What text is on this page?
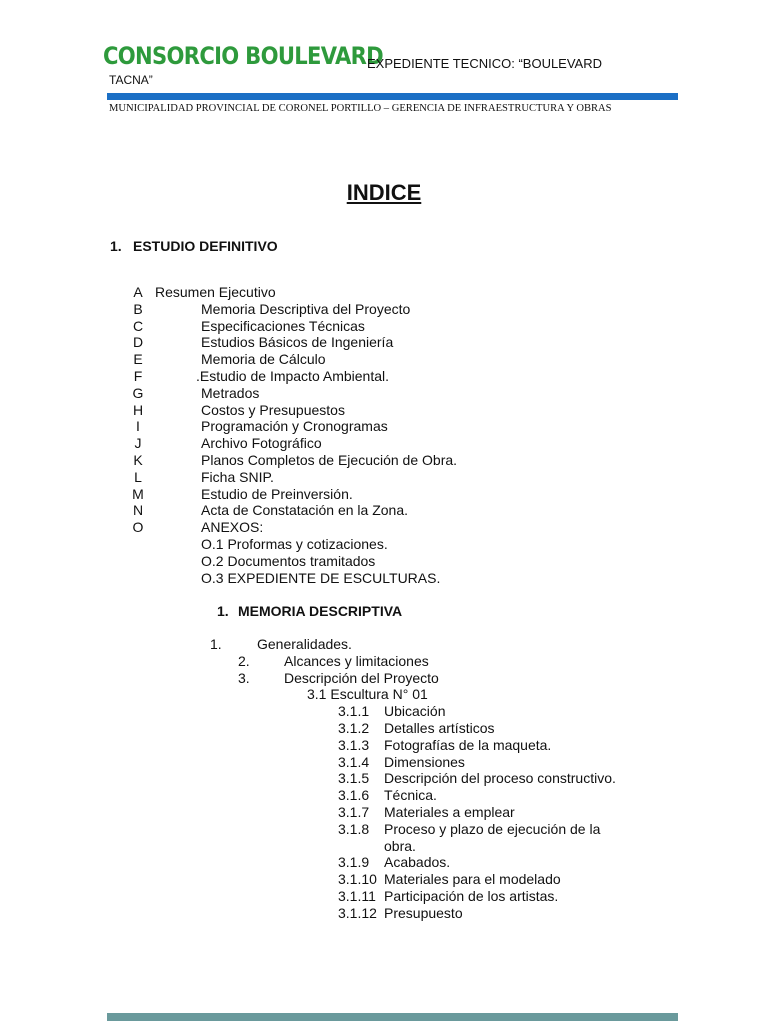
CONSORCIO BOULEVARD
EXPEDIENTE TECNICO: “BOULEVARD
TACNA”
MUNICIPALIDAD PROVINCIAL DE CORONEL PORTILLO – GERENCIA DE INFRAESTRUCTURA Y OBRAS
INDICE
1. ESTUDIO DEFINITIVO
A Resumen Ejecutivo
B	Memoria Descriptiva del Proyecto
C	Especificaciones Técnicas
D	Estudios Básicos de Ingeniería
E	Memoria de Cálculo
F	.Estudio de Impacto Ambiental.
G	Metrados
H	Costos y Presupuestos
I	Programación y Cronogramas
J	Archivo Fotográfico
K	Planos Completos de Ejecución de Obra.
L	Ficha SNIP.
M	Estudio de Preinversión.
N	Acta de Constatación en la Zona.
O	ANEXOS:
O.1 Proformas y cotizaciones.
O.2 Documentos tramitados
O.3 EXPEDIENTE DE ESCULTURAS.
1. MEMORIA DESCRIPTIVA
1.	Generalidades.
2. Alcances y limitaciones
3. Descripción del Proyecto
3.1 Escultura N° 01
3.1.1 Ubicación
3.1.2 Detalles artísticos
3.1.3 Fotografías de la maqueta.
3.1.4 Dimensiones
3.1.5 Descripción del proceso constructivo.
3.1.6 Técnica.
3.1.7 Materiales a emplear
3.1.8 Proceso y plazo de ejecución de la
obra.
3.1.9 Acabados.
3.1.10 Materiales para el modelado
3.1.11 Participación de los artistas.
3.1.12 Presupuesto
